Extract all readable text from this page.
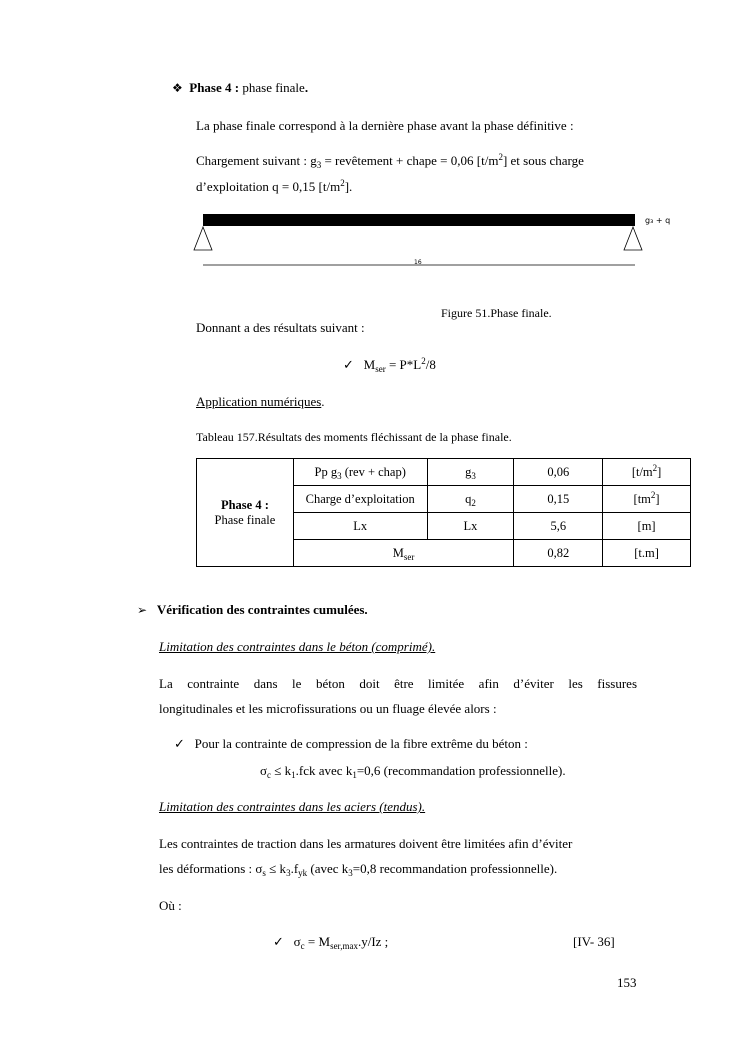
❖ Phase 4 : phase finale.
La phase finale correspond à la dernière phase avant la phase définitive :
Chargement suivant : $g_3$ = revêtement + chape = 0,06 $[t/m^2]$ et sous charge
d’exploitation q = 0,15 $[t/m^2]$.
g₃ + q
16
Figure 51.Phase finale.
Donnant a des résultats suivant :
✓ $M_{ser} = P*L^2/8$
Application numériques.
Tableau 157.Résultats des moments fléchissant de la phase finale.
Phase 4 :
Phase finale	Pp $g_3$ (rev + chap)	$g_3$	0,06	$[t/m^2]$
	Charge d’exploitation	$q_2$	0,15	$[tm^2]$
	Lx	Lx	5,6	[m]
	$M_{ser}$		0,82	[t.m]
➢ Vérification des contraintes cumulées.
Limitation des contraintes dans le béton (comprimé).
La contrainte dans le béton doit être limitée afin d’éviter les fissures
longitudinales et les microfissurations ou un fluage élevée alors :
✓ Pour la contrainte de compression de la fibre extrême du béton :
$\sigma_c \le k_1.fck$ avec $k_1=0,6$ (recommandation professionnelle).
Limitation des contraintes dans les aciers (tendus).
Les contraintes de traction dans les armatures doivent être limitées afin d’éviter
les déformations : $\sigma_s \le k_3.f_{yk}$ (avec $k_3=0,8$ recommandation professionnelle).
Où :
✓ $\sigma_c = M_{ser,max}.y/Iz$ ;	[IV- 36]
153
